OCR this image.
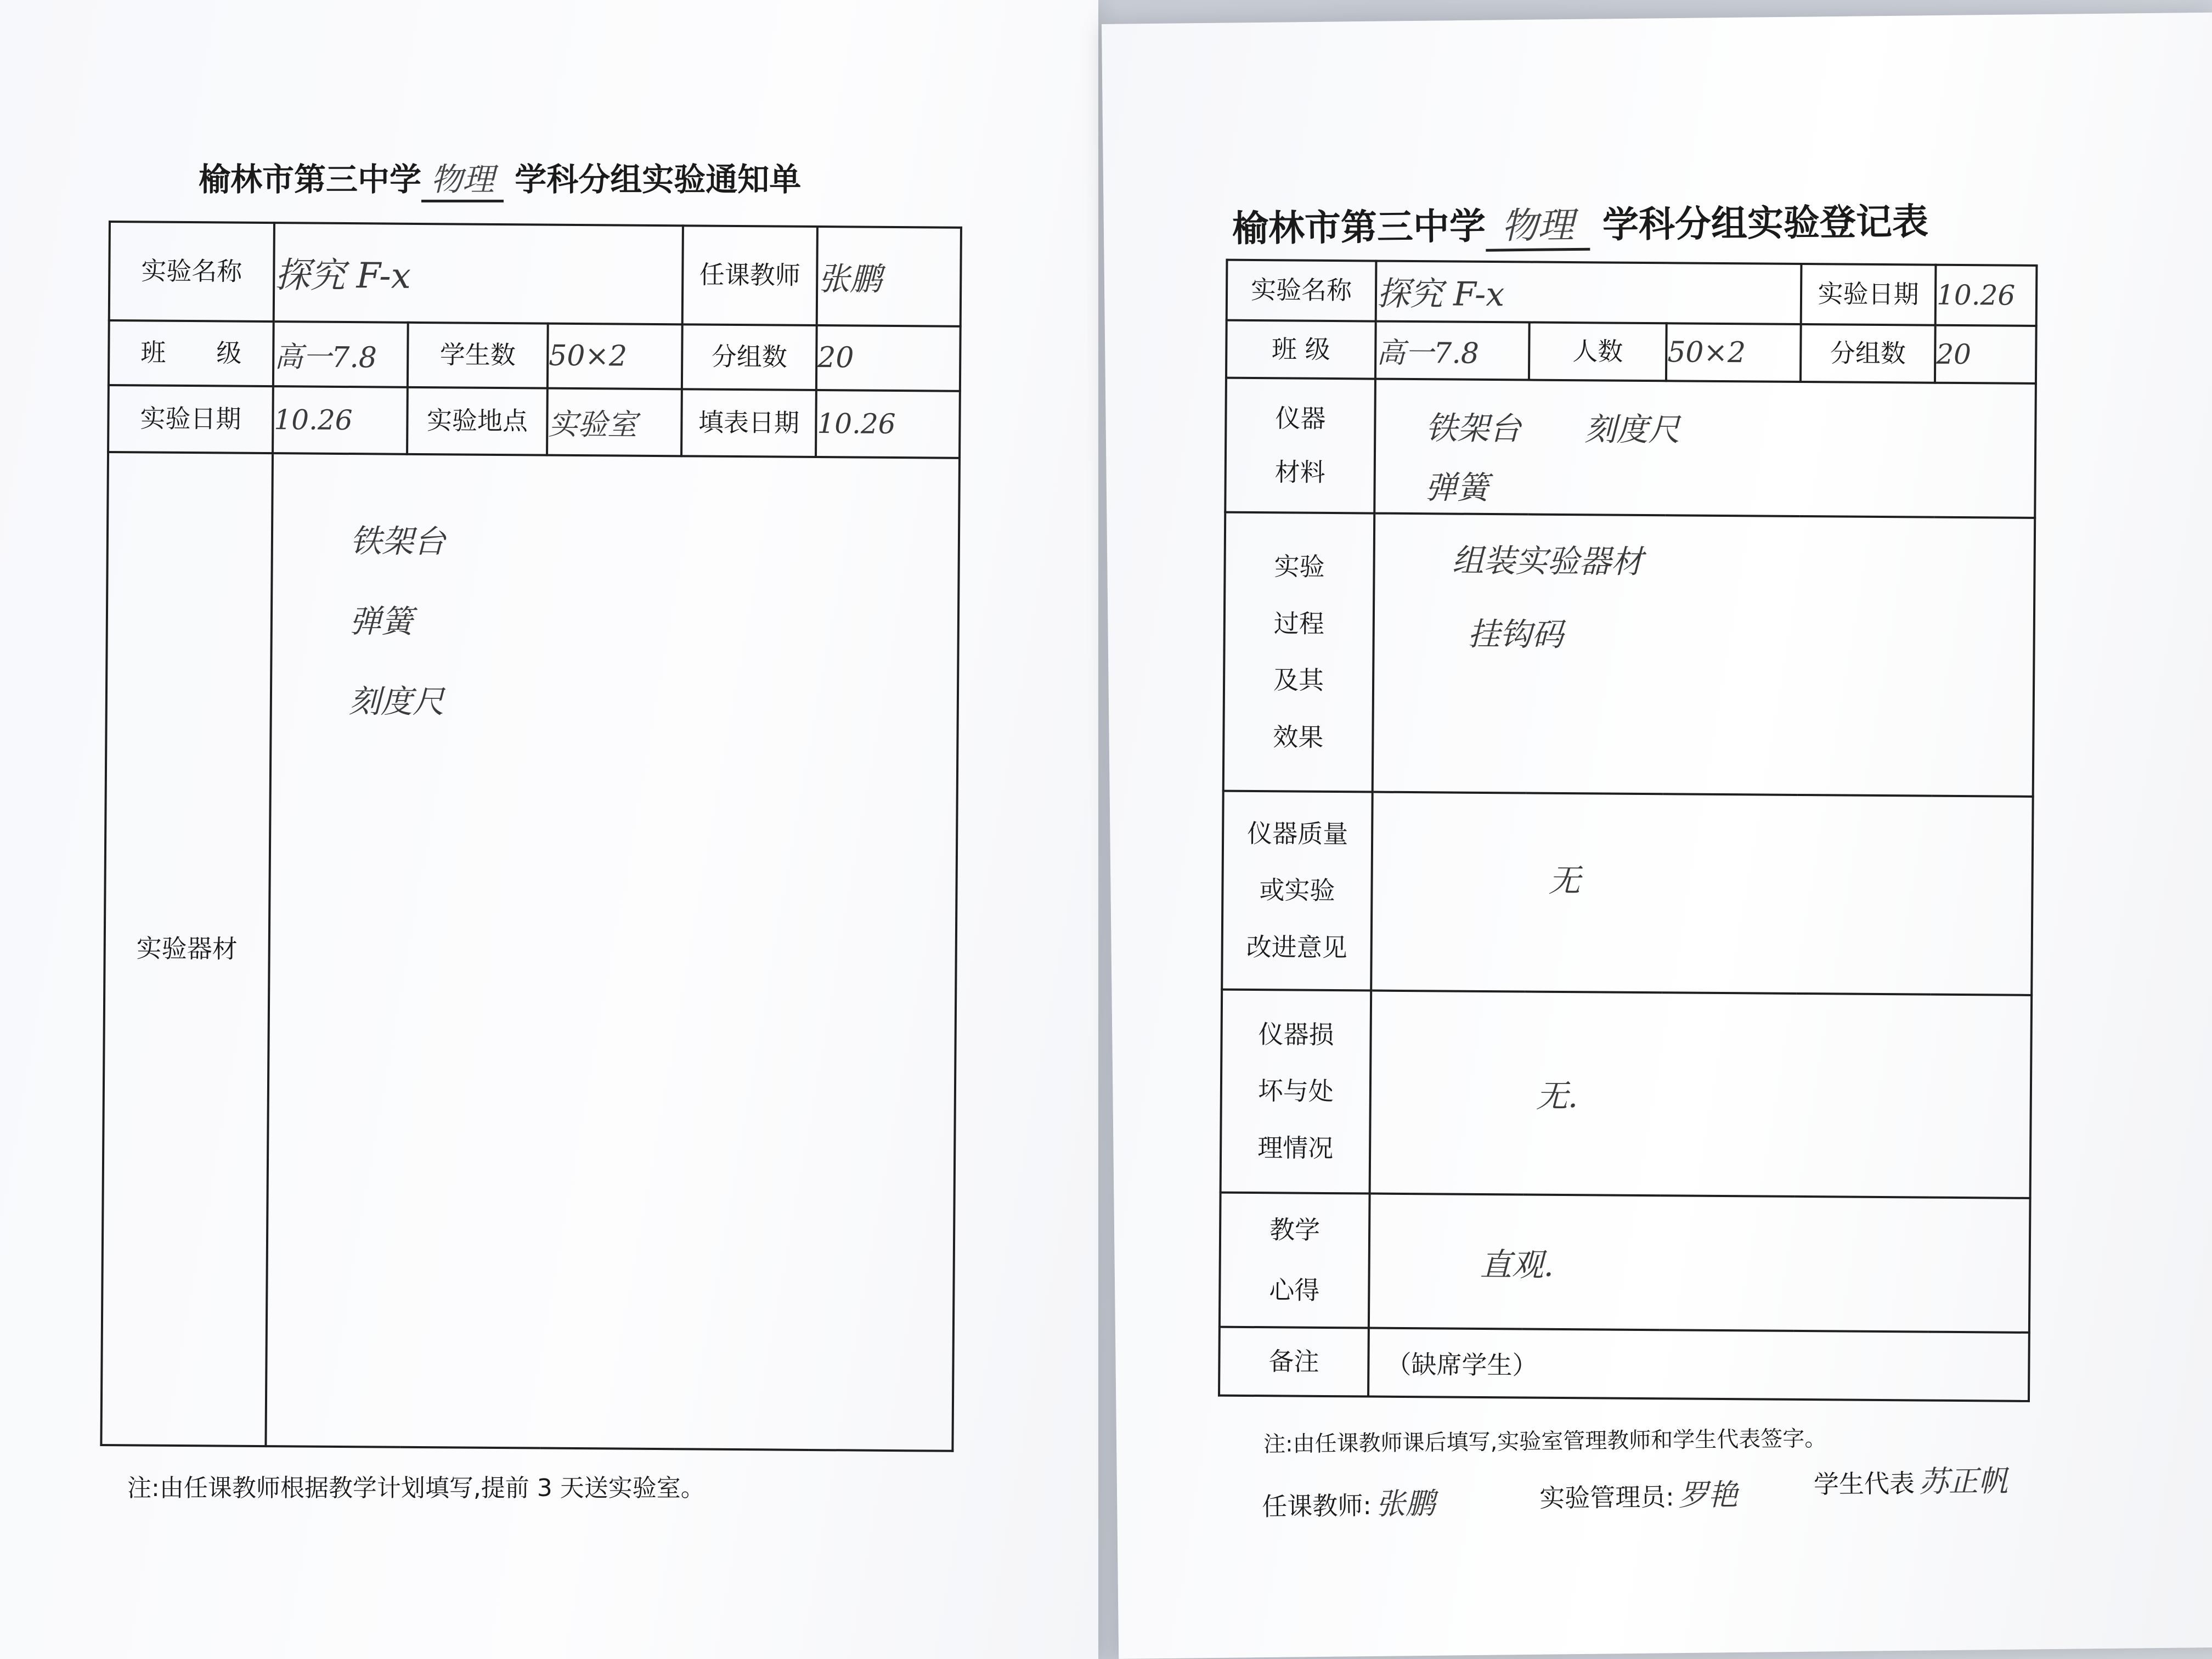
榆林市第三中学 物理 学科分组实验通知单
实验名称	探究 F-x			任课教师	张鹏
班　　级	高一7.8	学生数	50×2	分组数	20
实验日期	10.26	实验地点	实验室	填表日期	10.26
实验器材	铁架台
弹簧
刻度尺				
注:由任课教师根据教学计划填写,提前 3 天送实验室。
榆林市第三中学 物理 学科分组实验登记表
实验名称	探究 F-x			实验日期	10.26
班 级	高一7.8	人数	50×2	分组数	20

仪器
材料	铁架台　　刻度尺
弹簧				

实验
过程
及其
效果	组装实验器材
挂钩码				

仪器质量
或实验
改进意见	无				

仪器损
坏与处
理情况	无.				

教学
心得	直观.				

备注	（缺席学生）				
注:由任课教师课后填写,实验室管理教师和学生代表签字。
任课教师: 张鹏	实验管理员: 罗艳	学生代表 苏正帆
